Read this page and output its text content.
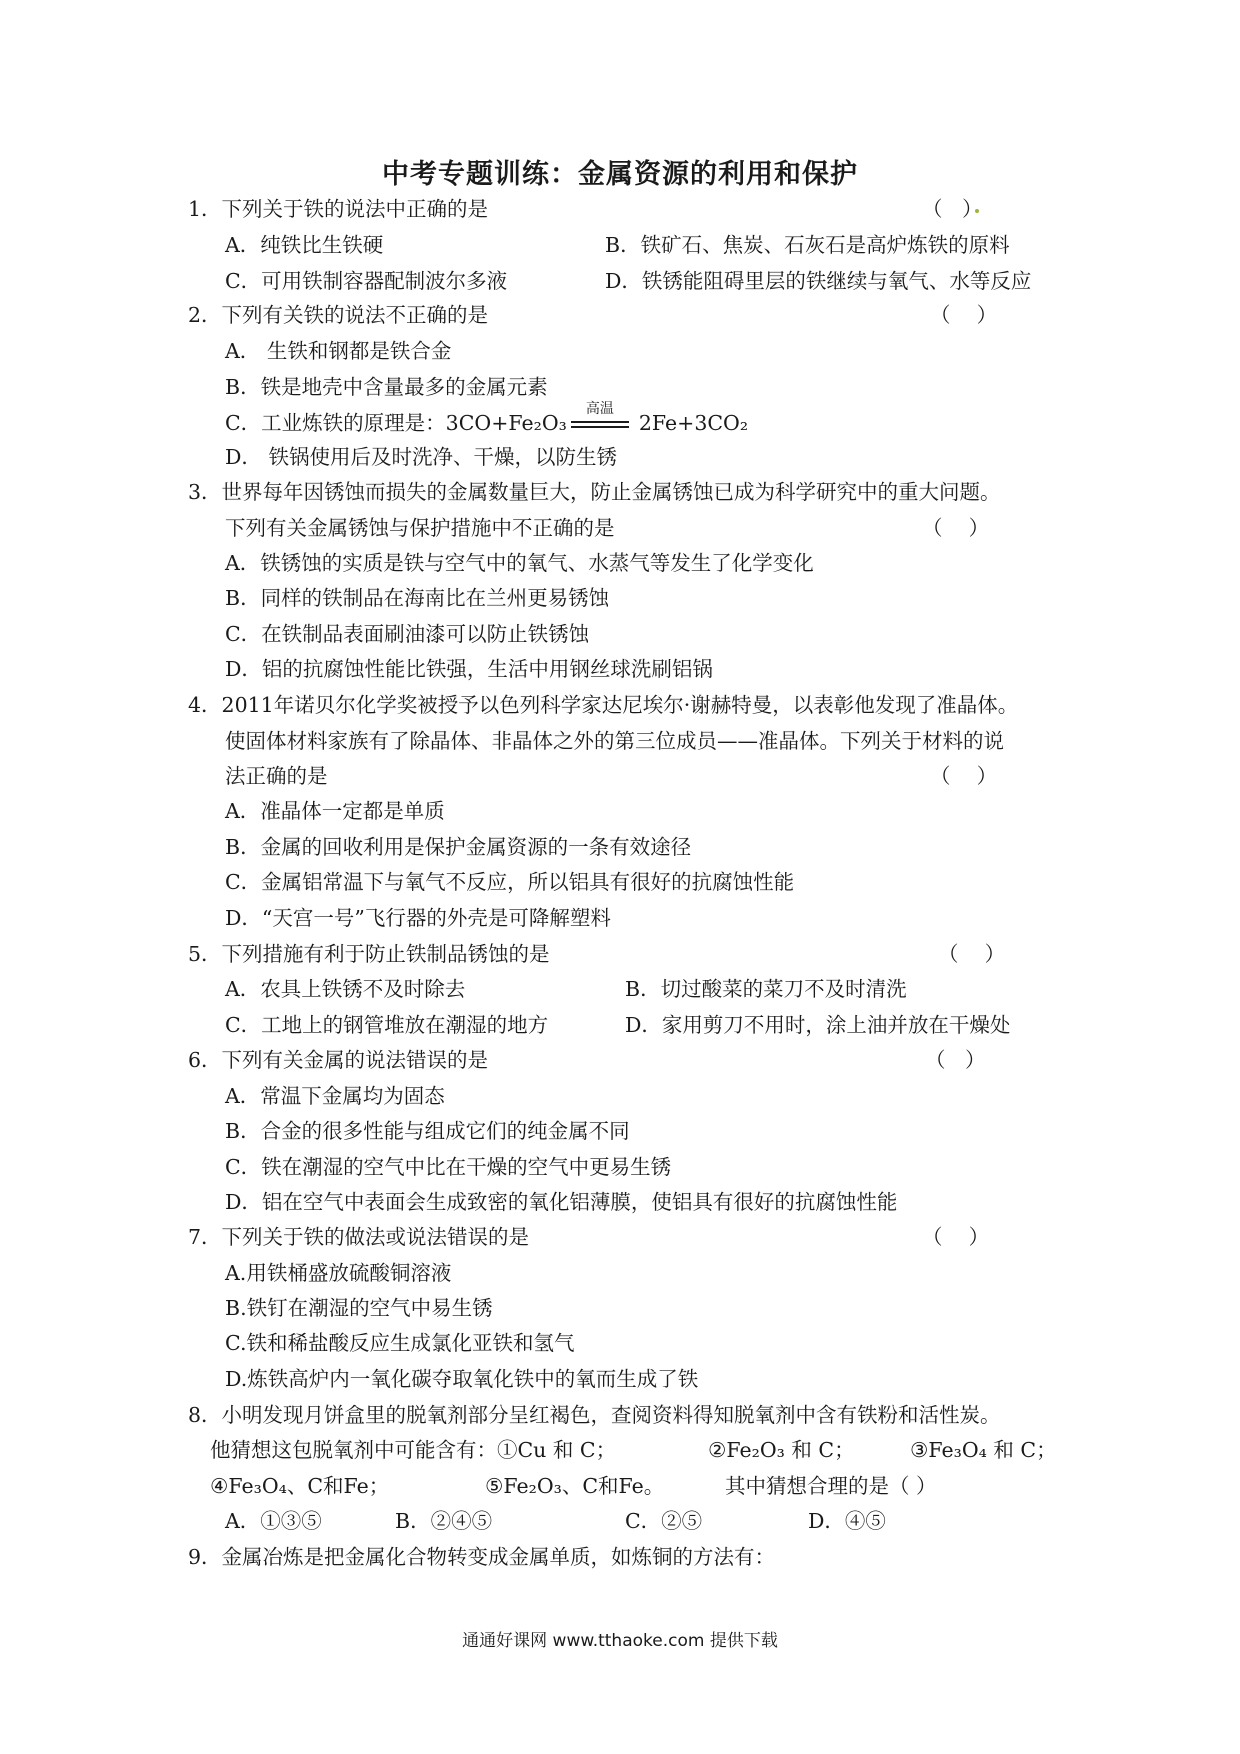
中考专题训练：金属资源的利用和保护
1．下列关于铁的说法中正确的是	（   ）
A．纯铁比生铁硬	B．铁矿石、焦炭、石灰石是高炉炼铁的原料
C．可用铁制容器配制波尔多液	D．铁锈能阻碍里层的铁继续与氧气、水等反应
2．下列有关铁的说法不正确的是	（    ）
A． 生铁和钢都是铁合金
B．铁是地壳中含量最多的金属元素
C．工业炼铁的原理是：3CO+Fe₂O₃
高温
2Fe+3CO₂
D． 铁锅使用后及时洗净、干燥，以防生锈
3．世界每年因锈蚀而损失的金属数量巨大，防止金属锈蚀已成为科学研究中的重大问题。
下列有关金属锈蚀与保护措施中不正确的是	（    ）
A．铁锈蚀的实质是铁与空气中的氧气、水蒸气等发生了化学变化
B．同样的铁制品在海南比在兰州更易锈蚀
C．在铁制品表面刷油漆可以防止铁锈蚀
D．铝的抗腐蚀性能比铁强，生活中用钢丝球洗刷铝锅
4．2011年诺贝尔化学奖被授予以色列科学家达尼埃尔·谢赫特曼，以表彰他发现了准晶体。
使固体材料家族有了除晶体、非晶体之外的第三位成员——准晶体。下列关于材料的说
法正确的是	（    ）
A．准晶体一定都是单质
B．金属的回收利用是保护金属资源的一条有效途径
C．金属铝常温下与氧气不反应，所以铝具有很好的抗腐蚀性能
D．“天宫一号”飞行器的外壳是可降解塑料
5．下列措施有利于防止铁制品锈蚀的是	（    ）
A．农具上铁锈不及时除去	B．切过酸菜的菜刀不及时清洗
C．工地上的钢管堆放在潮湿的地方	D．家用剪刀不用时，涂上油并放在干燥处
6．下列有关金属的说法错误的是	（   ）
A．常温下金属均为固态
B．合金的很多性能与组成它们的纯金属不同
C．铁在潮湿的空气中比在干燥的空气中更易生锈
D．铝在空气中表面会生成致密的氧化铝薄膜，使铝具有很好的抗腐蚀性能
7．下列关于铁的做法或说法错误的是	（    ）
A.用铁桶盛放硫酸铜溶液
B.铁钉在潮湿的空气中易生锈
C.铁和稀盐酸反应生成氯化亚铁和氢气
D.炼铁高炉内一氧化碳夺取氧化铁中的氧而生成了铁
8．小明发现月饼盒里的脱氧剂部分呈红褐色，查阅资料得知脱氧剂中含有铁粉和活性炭。
他猜想这包脱氧剂中可能含有：①Cu 和 C；	②Fe₂O₃ 和 C；	③Fe₃O₄ 和 C；
④Fe₃O₄、C和Fe；	⑤Fe₂O₃、C和Fe。	其中猜想合理的是（ ）
A．①③⑤	B．②④⑤	C．②⑤	D．④⑤
9．金属冶炼是把金属化合物转变成金属单质，如炼铜的方法有：
通通好课网 www.tthaoke.com 提供下载
